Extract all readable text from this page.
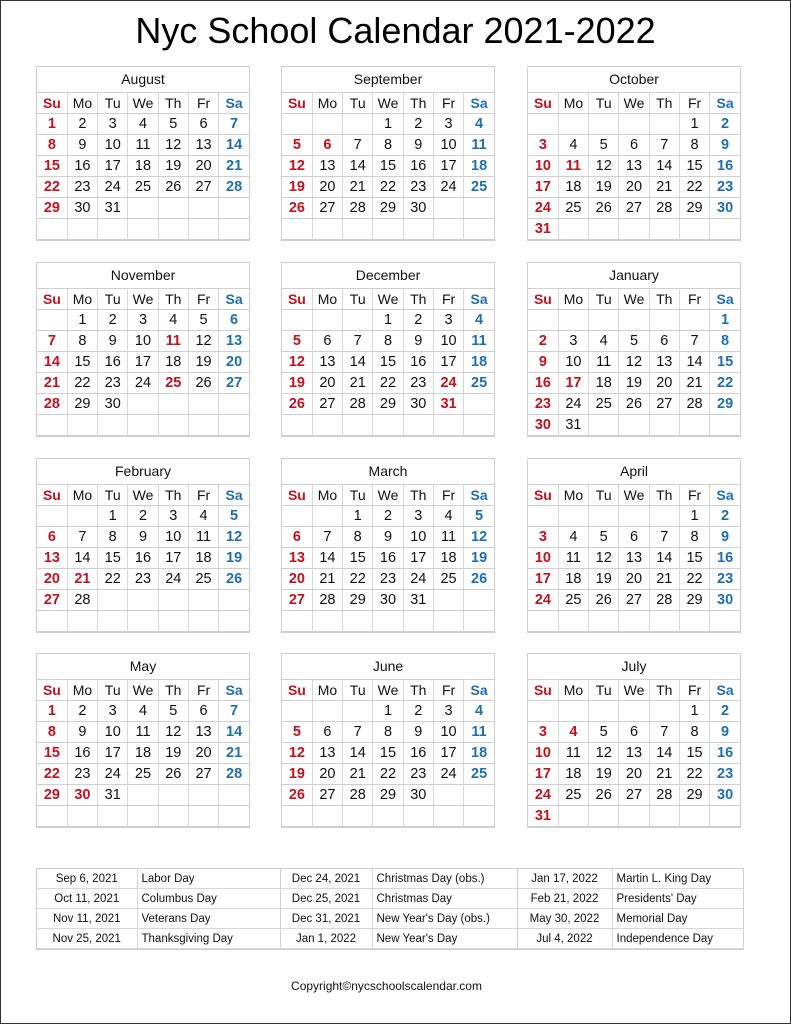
Nyc School Calendar 2021-2022
August
Su	Mo	Tu	We	Th	Fr	Sa
1	2	3	4	5	6	7
8	9	10	11	12	13	14
15	16	17	18	19	20	21
22	23	24	25	26	27	28
29	30	31				

September
Su	Mo	Tu	We	Th	Fr	Sa
			1	2	3	4
5	6	7	8	9	10	11
12	13	14	15	16	17	18
19	20	21	22	23	24	25
26	27	28	29	30		

October
Su	Mo	Tu	We	Th	Fr	Sa
					1	2
3	4	5	6	7	8	9
10	11	12	13	14	15	16
17	18	19	20	21	22	23
24	25	26	27	28	29	30
31						
November
Su	Mo	Tu	We	Th	Fr	Sa
	1	2	3	4	5	6
7	8	9	10	11	12	13
14	15	16	17	18	19	20
21	22	23	24	25	26	27
28	29	30				

December
Su	Mo	Tu	We	Th	Fr	Sa
			1	2	3	4
5	6	7	8	9	10	11
12	13	14	15	16	17	18
19	20	21	22	23	24	25
26	27	28	29	30	31	

January
Su	Mo	Tu	We	Th	Fr	Sa
						1
2	3	4	5	6	7	8
9	10	11	12	13	14	15
16	17	18	19	20	21	22
23	24	25	26	27	28	29
30	31					
February
Su	Mo	Tu	We	Th	Fr	Sa
		1	2	3	4	5
6	7	8	9	10	11	12
13	14	15	16	17	18	19
20	21	22	23	24	25	26
27	28					

March
Su	Mo	Tu	We	Th	Fr	Sa
		1	2	3	4	5
6	7	8	9	10	11	12
13	14	15	16	17	18	19
20	21	22	23	24	25	26
27	28	29	30	31		

April
Su	Mo	Tu	We	Th	Fr	Sa
					1	2
3	4	5	6	7	8	9
10	11	12	13	14	15	16
17	18	19	20	21	22	23
24	25	26	27	28	29	30

May
Su	Mo	Tu	We	Th	Fr	Sa
1	2	3	4	5	6	7
8	9	10	11	12	13	14
15	16	17	18	19	20	21
22	23	24	25	26	27	28
29	30	31				

June
Su	Mo	Tu	We	Th	Fr	Sa
			1	2	3	4
5	6	7	8	9	10	11
12	13	14	15	16	17	18
19	20	21	22	23	24	25
26	27	28	29	30		

July
Su	Mo	Tu	We	Th	Fr	Sa
					1	2
3	4	5	6	7	8	9
10	11	12	13	14	15	16
17	18	19	20	21	22	23
24	25	26	27	28	29	30
31						
Sep 6, 2021	Labor Day	Dec 24, 2021	Christmas Day (obs.)	Jan 17, 2022	Martin L. King Day
Oct 11, 2021	Columbus Day	Dec 25, 2021	Christmas Day	Feb 21, 2022	Presidents' Day
Nov 11, 2021	Veterans Day	Dec 31, 2021	New Year's Day (obs.)	May 30, 2022	Memorial Day
Nov 25, 2021	Thanksgiving Day	Jan 1, 2022	New Year's Day	Jul 4, 2022	Independence Day
Copyright©nycschoolscalendar.com
